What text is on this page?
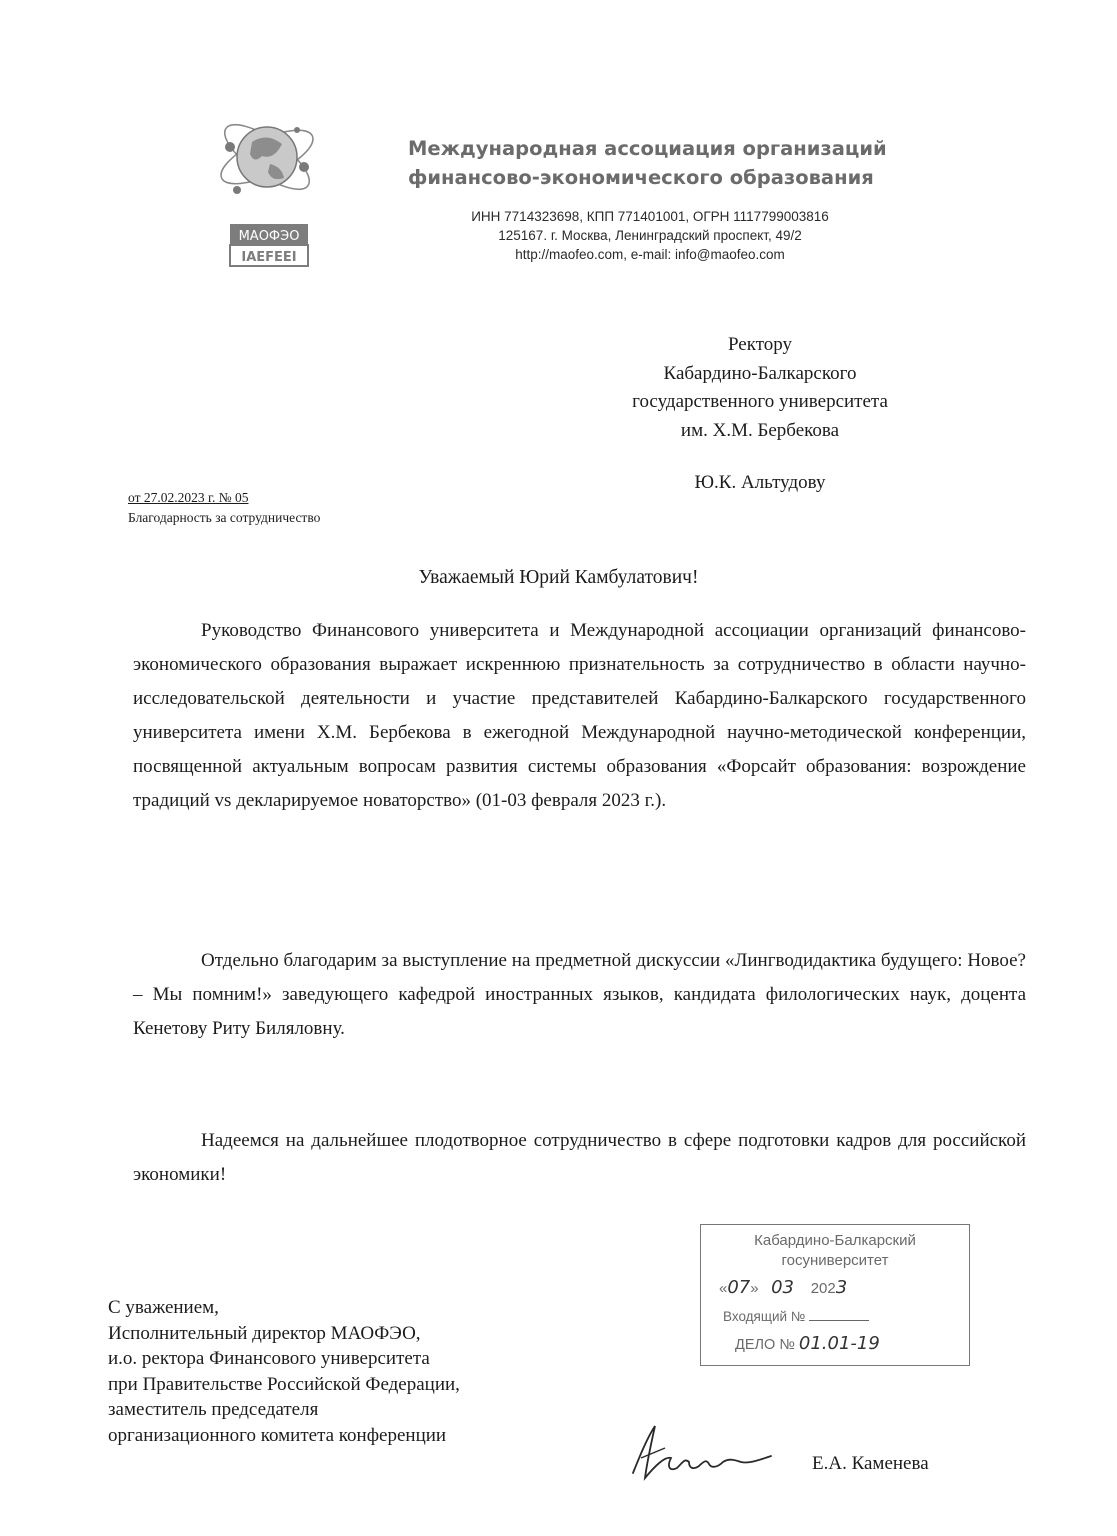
МАОФЭО
IAEFEEI
Международная ассоциация организаций
финансово-экономического образования
ИНН 7714323698, КПП 771401001, ОГРН 1117799003816
125167. г. Москва, Ленинградский проспект, 49/2
http://maofeo.com, e-mail: info@maofeo.com
Ректору
Кабардино-Балкарского
государственного университета
им. Х.М. Бербекова
Ю.К. Альтудову
от 27.02.2023 г. № 05
Благодарность за сотрудничество
Уважаемый Юрий Камбулатович!

Руководство Финансового университета и Международной ассоциации организаций финансово-экономического образования выражает искреннюю признательность за сотрудничество в области научно-исследовательской деятельности и участие представителей Кабардино-Балкарского государственного университета имени Х.М. Бербекова в ежегодной Международной научно-методической конференции, посвященной актуальным вопросам развития системы образования «Форсайт образования: возрождение традиций vs декларируемое новаторство» (01-03 февраля 2023 г.).

Отдельно благодарим за выступление на предметной дискуссии «Лингводидактика будущего: Новое? – Мы помним!» заведующего кафедрой иностранных языков, кандидата филологических наук, доцента Кенетову Риту Биляловну.

Надеемся на дальнейшее плодотворное сотрудничество в сфере подготовки кадров для российской экономики!

Кабардино-Балкарский
госуниверситет
«07»   03 2023
Входящий №
ДЕЛО № 01.01-19
С уважением,
Исполнительный директор МАОФЭО,
и.о. ректора Финансового университета
при Правительстве Российской Федерации,
заместитель председателя
организационного комитета конференции
Е.А. Каменева
